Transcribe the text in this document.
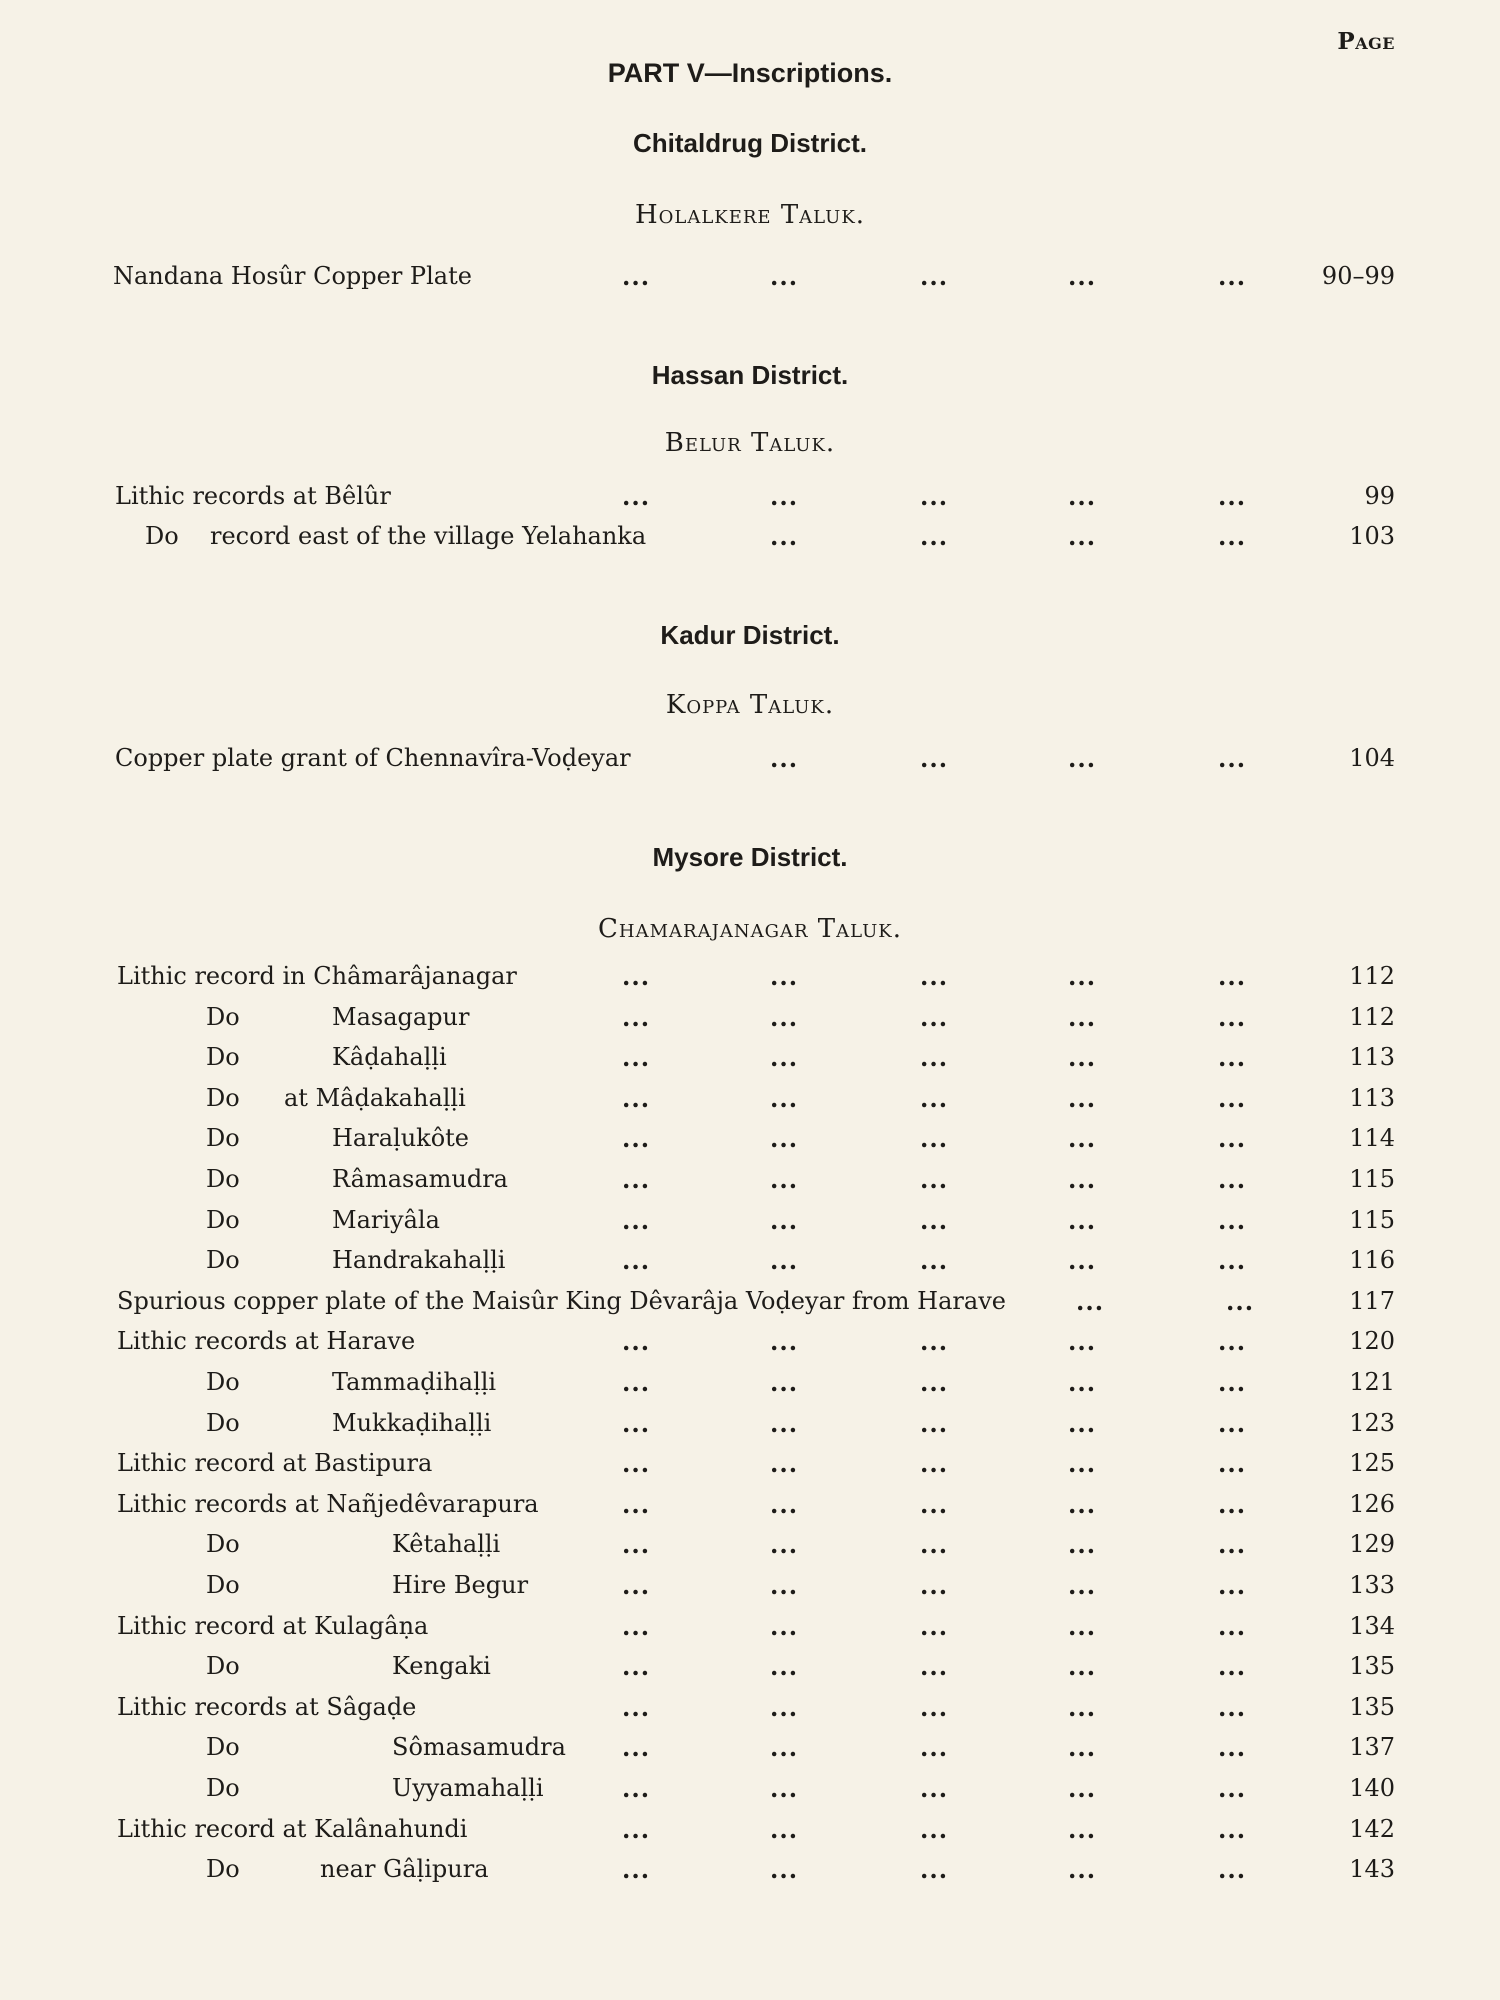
Page
PART V—Inscriptions.
Chitaldrug District.
Holalkere Taluk.
Nandana Hosûr Copper Plate	...	...	...	...	...	90–99
Hassan District.
Belur Taluk.
Lithic records at Bêlûr	...	...	...	...	...	99
Do record east of the village Yelahanka	...	...	...	...	103
Kadur District.
Koppa Taluk.
Copper plate grant of Chennavîra-Voḍeyar	...	...	...	...	104
Mysore District.
Chamarajanagar Taluk.
Lithic record in Châmarâjanagar	...	...	...	...	...	112
Do	Masagapur	...	...	...	...	...	112
Do	Kâḍahaḷḷi	...	...	...	...	...	113
Do at Mâḍakahaḷḷi	...	...	...	...	...	113
Do	Haraḷukôte	...	...	...	...	...	114
Do	Râmasamudra	...	...	...	...	...	115
Do	Mariyâla	...	...	...	...	...	115
Do	Handrakahaḷḷi	...	...	...	...	...	116
Spurious copper plate of the Maisûr King Dêvarâja Voḍeyar from Harave	...	...	117
Lithic records at Harave	...	...	...	...	...	120
Do	Tammaḍihaḷḷi	...	...	...	...	...	121
Do	Mukkaḍihaḷḷi	...	...	...	...	...	123
Lithic record at Bastipura	...	...	...	...	...	125
Lithic records at Nañjedêvarapura	...	...	...	...	...	126
Do	Kêtahaḷḷi	...	...	...	...	...	129
Do	Hire Begur	...	...	...	...	...	133
Lithic record at Kulagâṇa	...	...	...	...	...	134
Do	Kengaki	...	...	...	...	...	135
Lithic records at Sâgaḍe	...	...	...	...	...	135
Do	Sômasamudra ...	...	...	...	...	137
Do	Uyyamahaḷḷi	...	...	...	...	...	140
Lithic record at Kalânahundi	...	...	...	...	...	142
Do	near Gâḷipura	...	...	...	...	...	143
